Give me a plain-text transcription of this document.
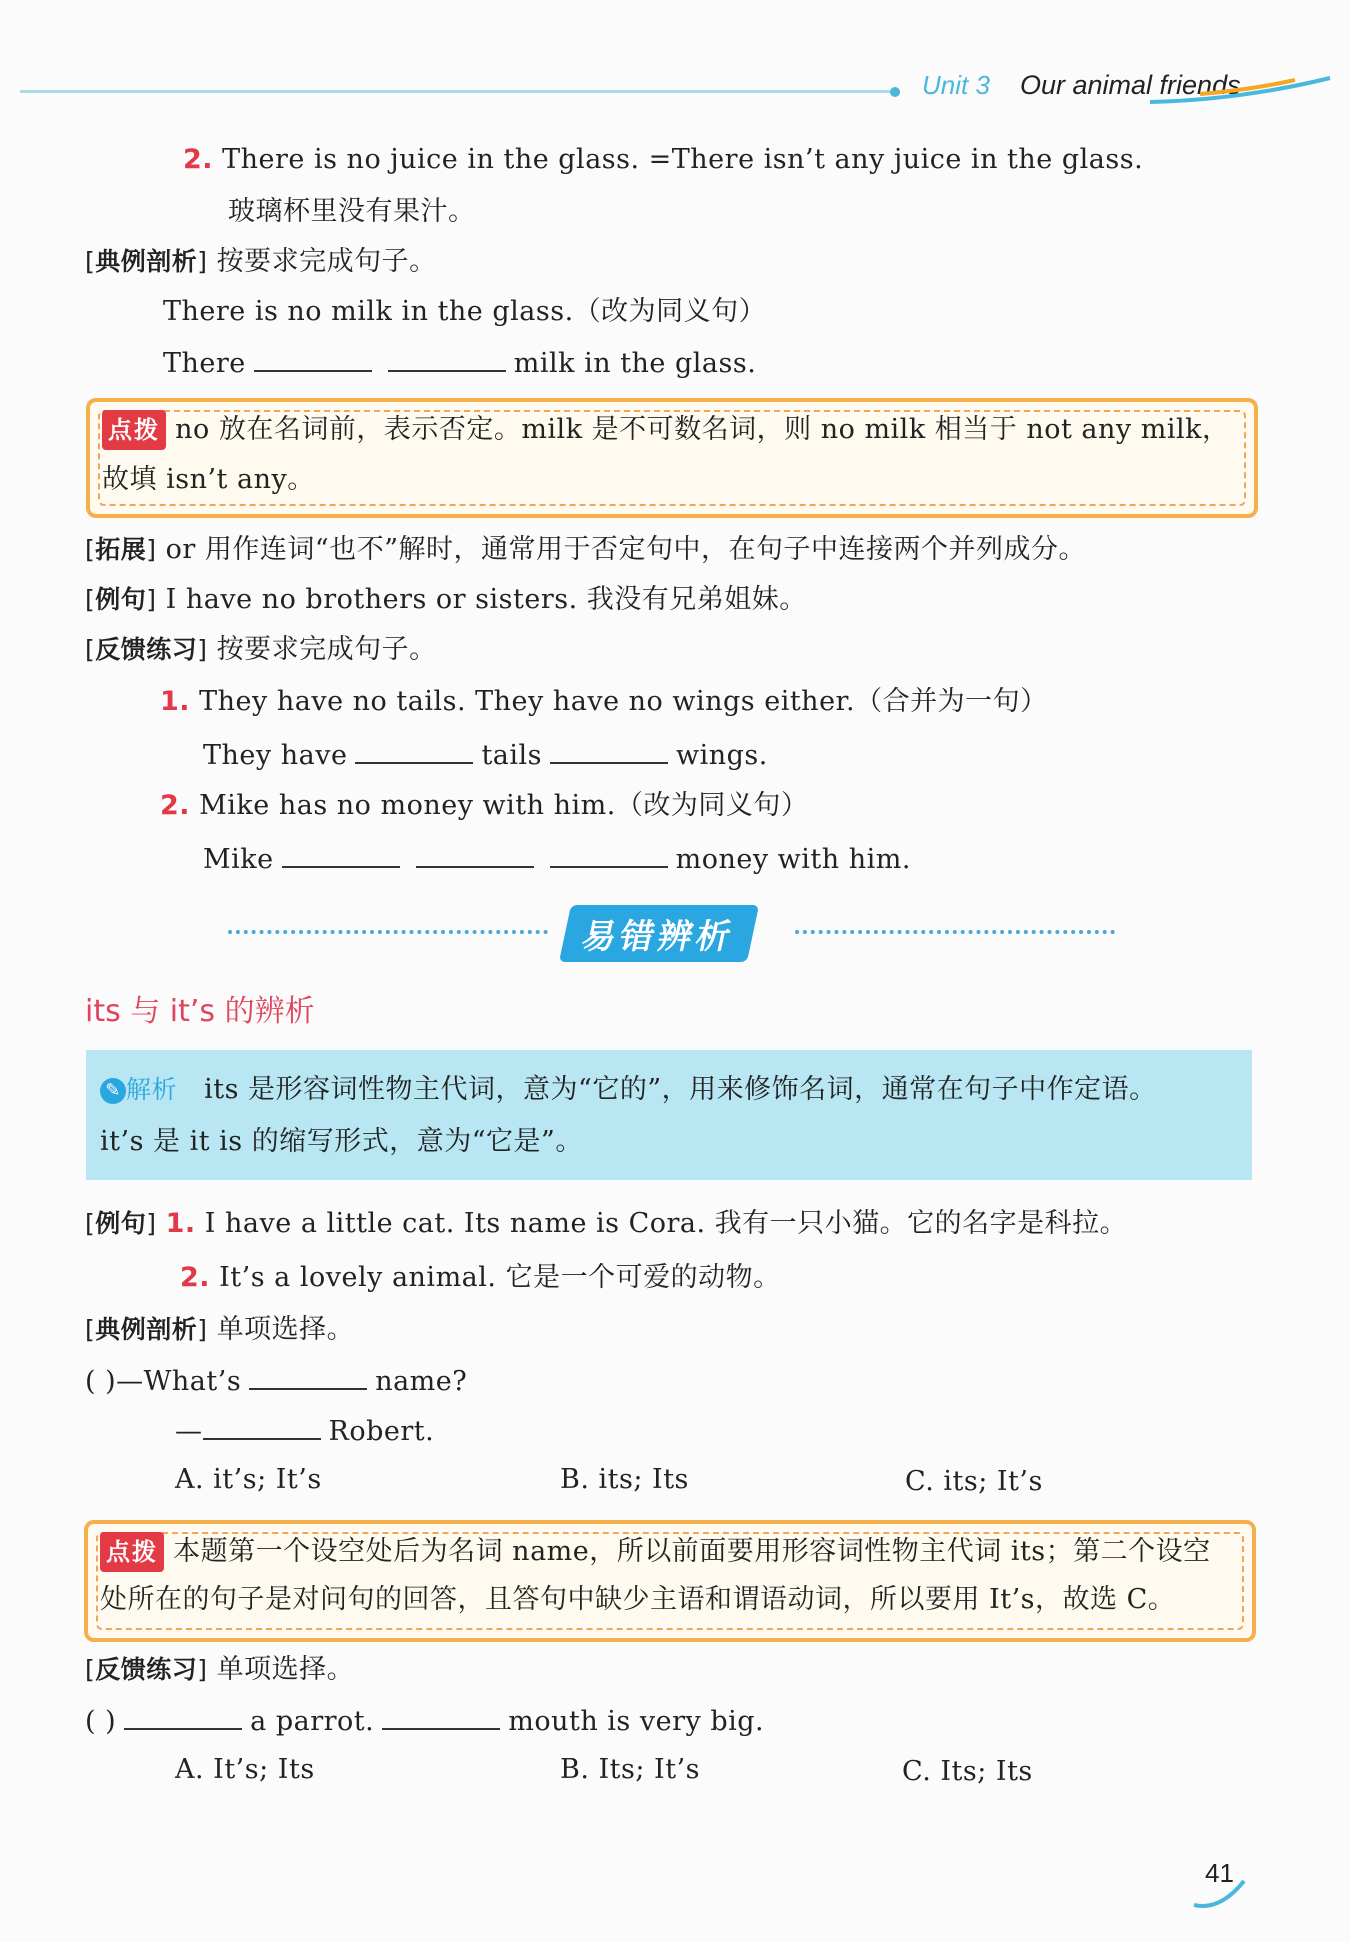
Unit 3 Our animal friends
2. There is no juice in the glass. =There isn’t any juice in the glass.
玻璃杯里没有果汁。
[典例剖析] 按要求完成句子。
There is no milk in the glass.（改为同义句）
There	milk in the glass.
点拨 no 放在名词前，表示否定。milk 是不可数名词，则 no milk 相当于 not any milk，
故填 isn’t any。
[拓展] or 用作连词“也不”解时，通常用于否定句中，在句子中连接两个并列成分。
[例句] I have no brothers or sisters. 我没有兄弟姐妹。
[反馈练习] 按要求完成句子。
1. They have no tails. They have no wings either.（合并为一句）
They have	tails	wings.
2. Mike has no money with him.（改为同义句）
Mike	money with him.
易错辨析
its 与 it’s 的辨析
✎ 解析 its 是形容词性物主代词，意为“它的”，用来修饰名词，通常在句子中作定语。
it’s 是 it is 的缩写形式，意为“它是”。
[例句] 1. I have a little cat. Its name is Cora. 我有一只小猫。它的名字是科拉。
2. It’s a lovely animal. 它是一个可爱的动物。
[典例剖析] 单项选择。
( )—What’s	name?
—	Robert.
A. it’s; It’s	B. its; Its	C. its; It’s
点拨 本题第一个设空处后为名词 name，所以前面要用形容词性物主代词 its；第二个设空
处所在的句子是对问句的回答，且答句中缺少主语和谓语动词，所以要用 It’s，故选 C。
[反馈练习] 单项选择。
( )	a parrot.	mouth is very big.
A. It’s; Its	B. Its; It’s	C. Its; Its
41
